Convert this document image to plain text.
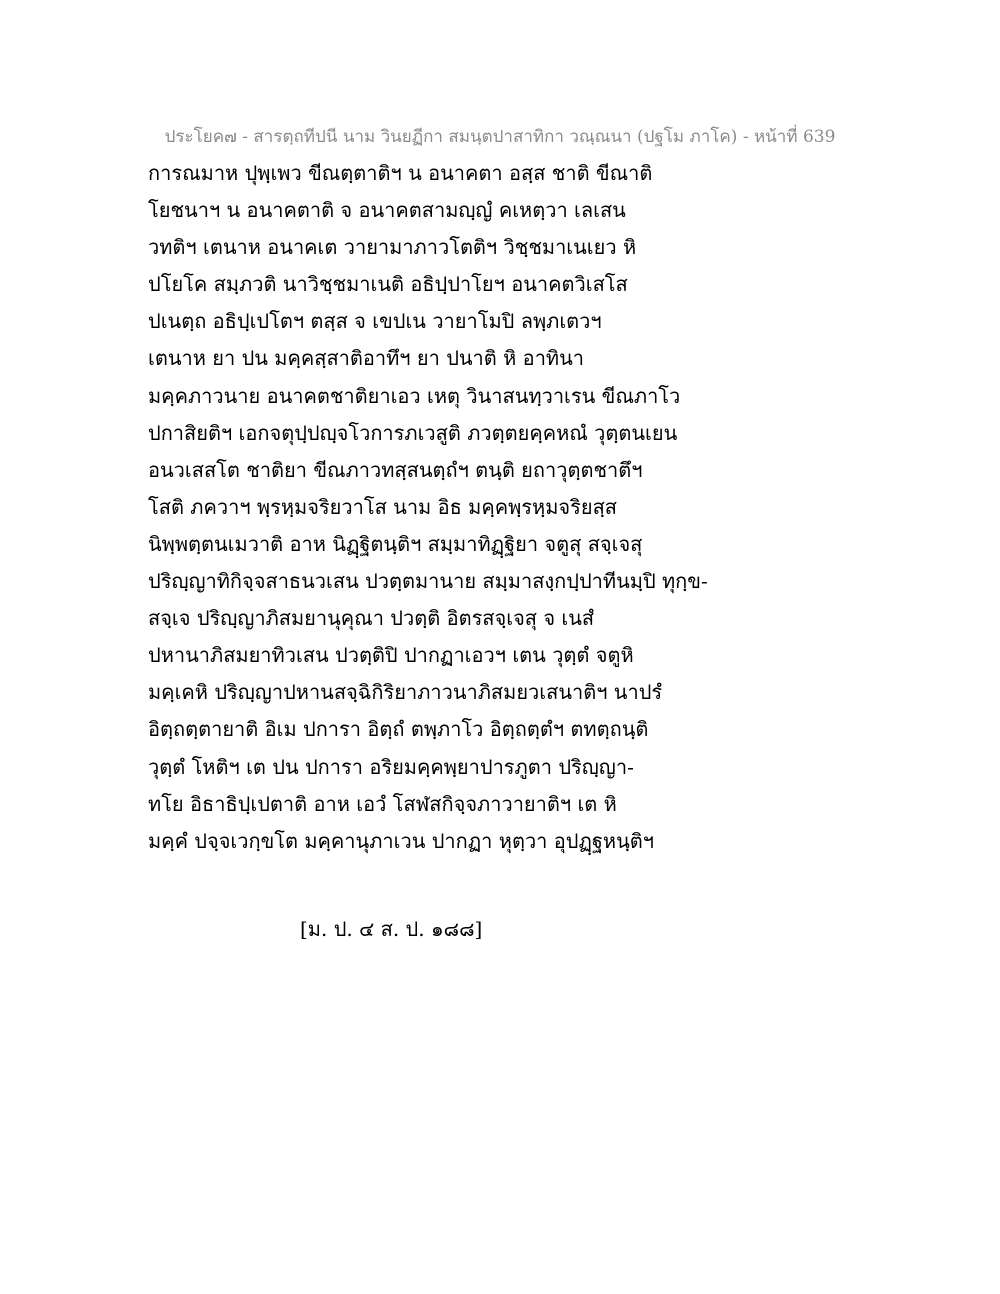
ประโยค๗ - สารตฺถทีปนี นาม วินยฏีกา สมนฺตปาสาทิกา วณฺณนา (ปฐโม ภาโค) - หน้าที่ 639
การณมาห ปุพฺเพว ขีณตฺตาติฯ น อนาคตา อสฺส ชาติ ขีณาติ
โยชนาฯ น อนาคตาติ จ อนาคตสามญฺญํ คเหตฺวา เลเสน
วทติฯ เตนาห อนาคเต วายามาภาวโตติฯ วิชฺชมาเนเยว หิ
ปโยโค สมฺภวติ นาวิชฺชมาเนติ อธิปฺปาโยฯ อนาคตวิเสโส
ปเนตฺถ อธิปฺเปโตฯ ตสฺส จ เขปเน วายาโมปิ ลพฺภเตวฯ
เตนาห ยา ปน มคฺคสฺสาติอาทึฯ ยา ปนาติ หิ อาทินา
มคฺคภาวนาย อนาคตชาติยาเอว เหตุ วินาสนทฺวาเรน ขีณภาโว
ปกาสิยติฯ เอกจตุปฺปญฺจโวการภเวสูติ ภวตฺตยคฺคหณํ วุตฺตนเยน
อนวเสสโต ชาติยา ขีณภาวทสฺสนตฺถํฯ ตนฺติ ยถาวุตฺตชาตึฯ
โสติ ภควาฯ พฺรหฺมจริยวาโส นาม อิธ มคฺคพฺรหฺมจริยสฺส
นิพฺพตฺตนเมวาติ อาห นิฏฺฐิตนฺติฯ สมฺมาทิฏฺฐิยา จตูสุ สจฺเจสุ
ปริญฺญาทิกิจฺจสาธนวเสน ปวตฺตมานาย สมฺมาสงฺกปฺปาทีนมฺปิ ทุกฺข-
สจฺเจ ปริญฺญาภิสมยานุคุณา ปวตฺติ อิตรสจฺเจสุ จ เนสํ
ปหานาภิสมยาทิวเสน ปวตฺติปิ ปากฏาเอวฯ เตน วุตฺตํ จตูหิ
มคฺเคหิ ปริญฺญาปหานสจฺฉิกิริยาภาวนาภิสมยวเสนาติฯ นาปรํ
อิตฺถตฺตายาติ อิเม ปการา อิตฺถํ ตพฺภาโว อิตฺถตฺตํฯ ตทตฺถนฺติ
วุตฺตํ โหติฯ เต ปน ปการา อริยมคฺคพฺยาปารภูตา ปริญฺญา-
ทโย อิธาธิปฺเปตาติ อาห เอวํ โสฬสกิจฺจภาวายาติฯ เต หิ
มคฺคํ ปจฺจเวกฺขโต มคฺคานุภาเวน ปากฏา หุตฺวา อุปฏฺฐหนฺติฯ
[ม. ป. ๔ ส. ป. ๑๘๘]
